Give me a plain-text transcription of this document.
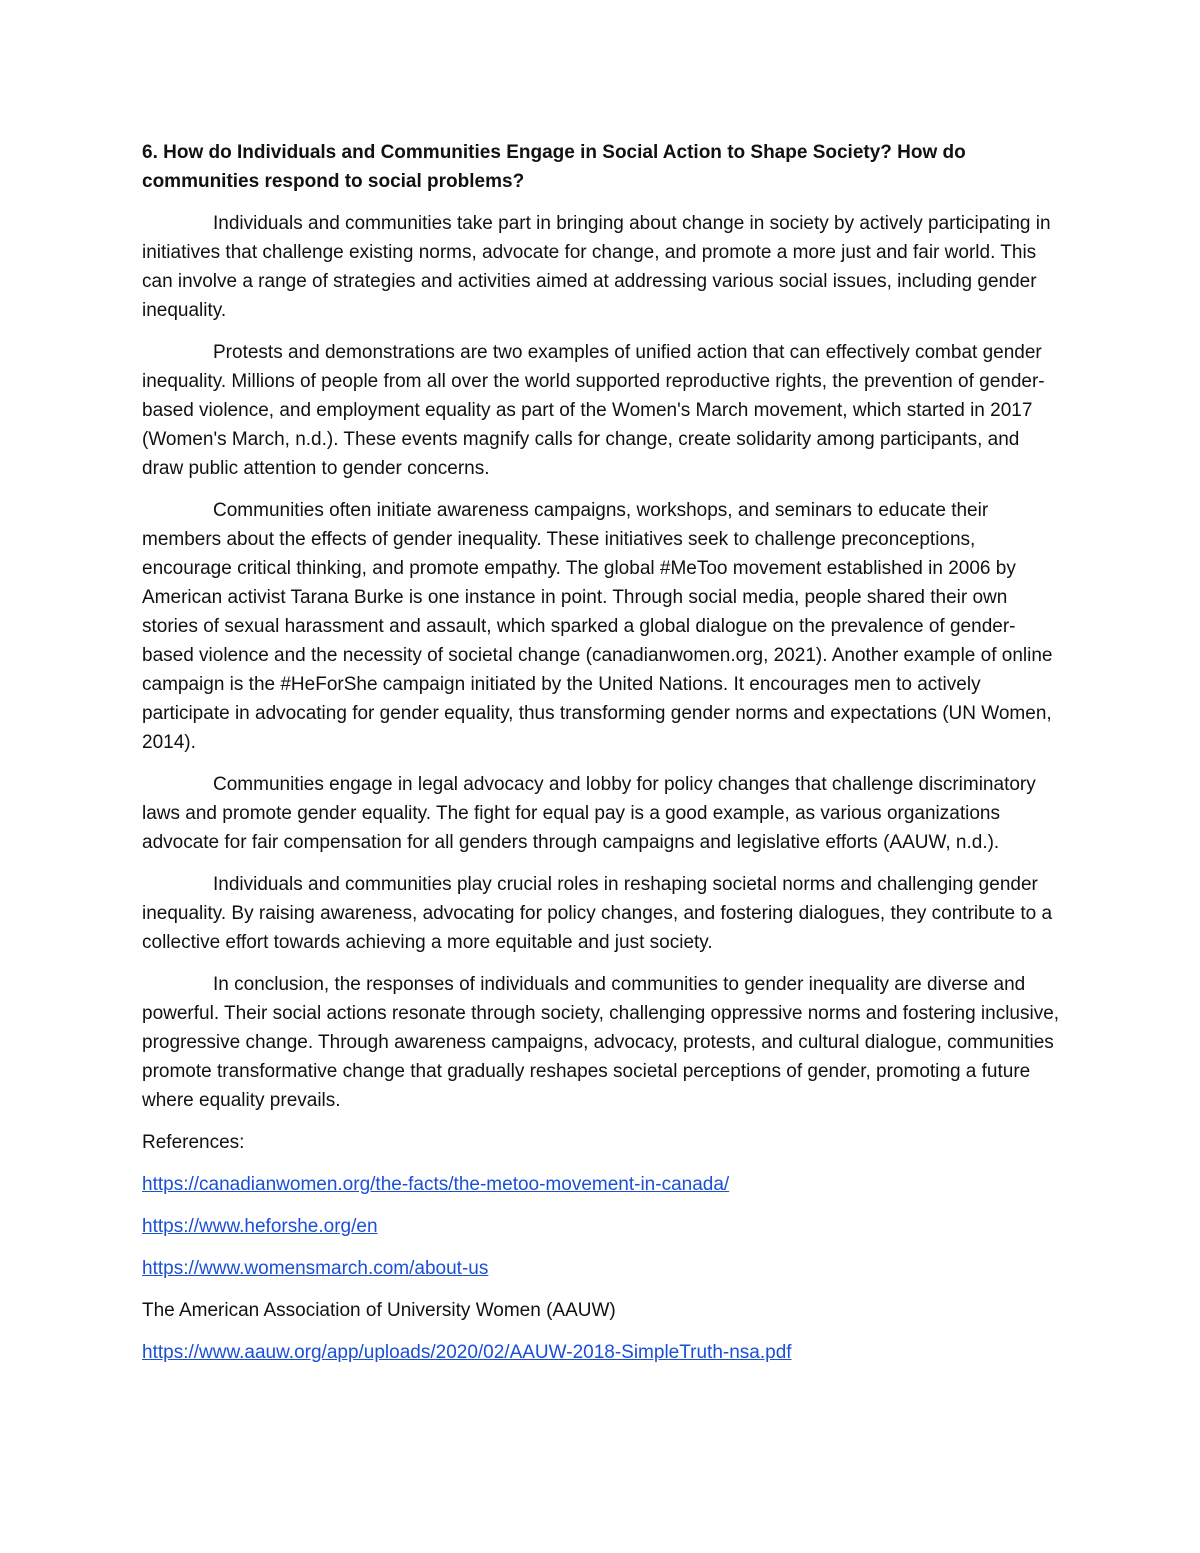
6. How do Individuals and Communities Engage in Social Action to Shape Society? How do communities respond to social problems?

Individuals and communities take part in bringing about change in society by actively participating in initiatives that challenge existing norms, advocate for change, and promote a more just and fair world. This can involve a range of strategies and activities aimed at addressing various social issues, including gender inequality.

Protests and demonstrations are two examples of unified action that can effectively combat gender inequality. Millions of people from all over the world supported reproductive rights, the prevention of gender-based violence, and employment equality as part of the Women's March movement, which started in 2017 (Women's March, n.d.). These events magnify calls for change, create solidarity among participants, and draw public attention to gender concerns.

Communities often initiate awareness campaigns, workshops, and seminars to educate their members about the effects of gender inequality. These initiatives seek to challenge preconceptions, encourage critical thinking, and promote empathy. The global #MeToo movement established in 2006 by American activist Tarana Burke is one instance in point. Through social media, people shared their own stories of sexual harassment and assault, which sparked a global dialogue on the prevalence of gender-based violence and the necessity of societal change (canadianwomen.org, 2021). Another example of online campaign is the #HeForShe campaign initiated by the United Nations. It encourages men to actively participate in advocating for gender equality, thus transforming gender norms and expectations (UN Women, 2014).

Communities engage in legal advocacy and lobby for policy changes that challenge discriminatory laws and promote gender equality. The fight for equal pay is a good example, as various organizations advocate for fair compensation for all genders through campaigns and legislative efforts (AAUW, n.d.).

Individuals and communities play crucial roles in reshaping societal norms and challenging gender inequality. By raising awareness, advocating for policy changes, and fostering dialogues, they contribute to a collective effort towards achieving a more equitable and just society.

In conclusion, the responses of individuals and communities to gender inequality are diverse and powerful. Their social actions resonate through society, challenging oppressive norms and fostering inclusive, progressive change. Through awareness campaigns, advocacy, protests, and cultural dialogue, communities promote transformative change that gradually reshapes societal perceptions of gender, promoting a future where equality prevails.

References:

https://canadianwomen.org/the-facts/the-metoo-movement-in-canada/

https://www.heforshe.org/en

https://www.womensmarch.com/about-us

The American Association of University Women (AAUW)

https://www.aauw.org/app/uploads/2020/02/AAUW-2018-SimpleTruth-nsa.pdf
